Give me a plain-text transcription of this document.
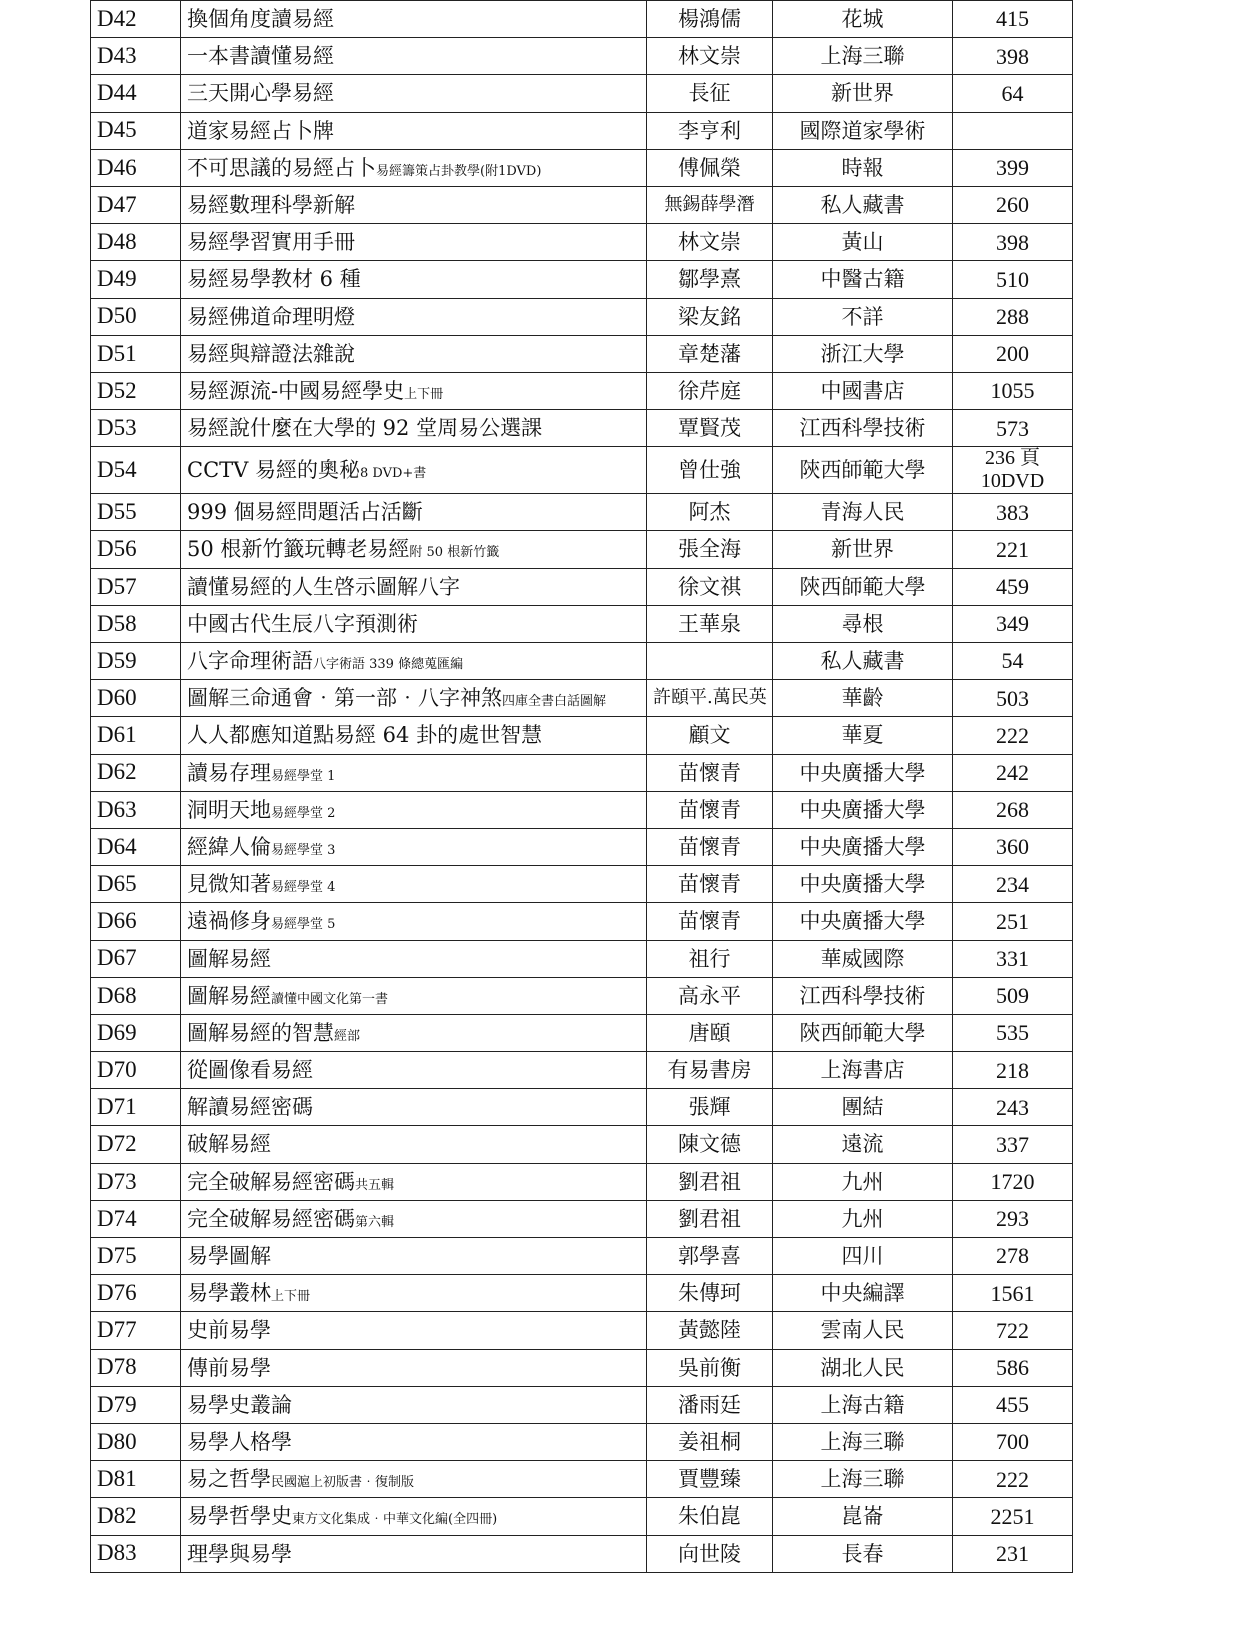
D42	換個角度讀易經	楊鴻儒	花城	415

D43	一本書讀懂易經	林文崇	上海三聯	398

D44	三天開心學易經	長征	新世界	64

D45	道家易經占卜牌	李亨利	國際道家學術	

D46	不可思議的易經占卜易經籌策占卦教學(附1DVD)	傅佩榮	時報	399

D47	易經數理科學新解	無錫薛學潛	私人藏書	260

D48	易經學習實用手冊	林文崇	黃山	398

D49	易經易學教材 6 種	鄒學熹	中醫古籍	510

D50	易經佛道命理明燈	梁友銘	不詳	288

D51	易經與辯證法雜說	章楚藩	浙江大學	200

D52	易經源流-中國易經學史上下冊	徐芹庭	中國書店	1055

D53	易經說什麼在大學的 92 堂周易公選課	覃賢茂	江西科學技術	573

D54	CCTV 易經的奧秘8 DVD+書	曾仕強	陝西師範大學	236 頁
10DVD

D55	999 個易經問題活占活斷	阿杰	青海人民	383

D56	50 根新竹籤玩轉老易經附 50 根新竹籤	張全海	新世界	221

D57	讀懂易經的人生啓示圖解八字	徐文祺	陝西師範大學	459

D58	中國古代生辰八字預測術	王華泉	尋根	349

D59	八字命理術語八字術語 339 條總蒐匯編		私人藏書	54

D60	圖解三命通會‧第一部‧八字神煞四庫全書白話圖解	許頤平.萬民英	華齡	503

D61	人人都應知道點易經 64 卦的處世智慧	顧文	華夏	222

D62	讀易存理易經學堂 1	苗懷青	中央廣播大學	242

D63	洞明天地易經學堂 2	苗懷青	中央廣播大學	268

D64	經緯人倫易經學堂 3	苗懷青	中央廣播大學	360

D65	見微知著易經學堂 4	苗懷青	中央廣播大學	234

D66	遠禍修身易經學堂 5	苗懷青	中央廣播大學	251

D67	圖解易經	祖行	華威國際	331

D68	圖解易經讀懂中國文化第一書	高永平	江西科學技術	509

D69	圖解易經的智慧經部	唐頤	陝西師範大學	535

D70	從圖像看易經	有易書房	上海書店	218

D71	解讀易經密碼	張輝	團結	243

D72	破解易經	陳文德	遠流	337

D73	完全破解易經密碼共五輯	劉君祖	九州	1720

D74	完全破解易經密碼第六輯	劉君祖	九州	293

D75	易學圖解	郭學喜	四川	278

D76	易學叢林上下冊	朱傳珂	中央編譯	1561

D77	史前易學	黃懿陸	雲南人民	722

D78	傳前易學	吳前衡	湖北人民	586

D79	易學史叢論	潘雨廷	上海古籍	455

D80	易學人格學	姜祖桐	上海三聯	700

D81	易之哲學民國滬上初版書‧復制版	賈豐臻	上海三聯	222

D82	易學哲學史東方文化集成‧中華文化編(全四冊)	朱伯崑	崑崙	2251

D83	理學與易學	向世陵	長春	231
